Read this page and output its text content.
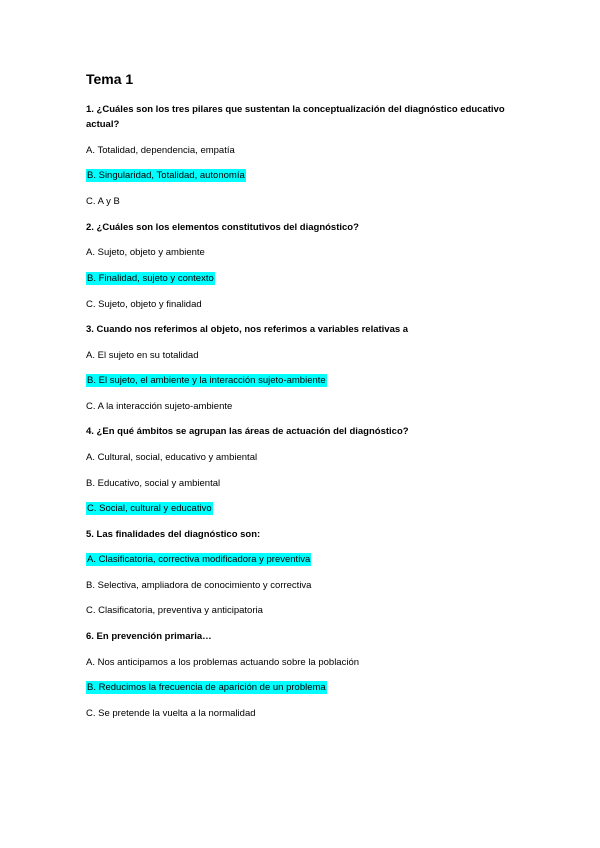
Tema 1
1. ¿Cuáles son los tres pilares que sustentan la conceptualización del diagnóstico educativo actual?
A. Totalidad, dependencia, empatía
B. Singularidad, Totalidad, autonomía
C. A y B
2. ¿Cuáles son los elementos constitutivos del diagnóstico?
A. Sujeto, objeto y ambiente
B. Finalidad, sujeto y contexto
C. Sujeto, objeto y finalidad
3. Cuando nos referimos al objeto, nos referimos a variables relativas a
A. El sujeto en su totalidad
B. El sujeto, el ambiente y la interacción sujeto-ambiente
C. A la interacción sujeto-ambiente
4. ¿En qué ámbitos se agrupan las áreas de actuación del diagnóstico?
A. Cultural, social, educativo y ambiental
B. Educativo, social y ambiental
C. Social, cultural y educativo
5. Las finalidades del diagnóstico son:
A. Clasificatoria, correctiva modificadora y preventiva
B. Selectiva, ampliadora de conocimiento y correctiva
C. Clasificatoria, preventiva y anticipatoria
6. En prevención primaria…
A. Nos anticipamos a los problemas actuando sobre la población
B. Reducimos la frecuencia de aparición de un problema
C. Se pretende la vuelta a la normalidad
